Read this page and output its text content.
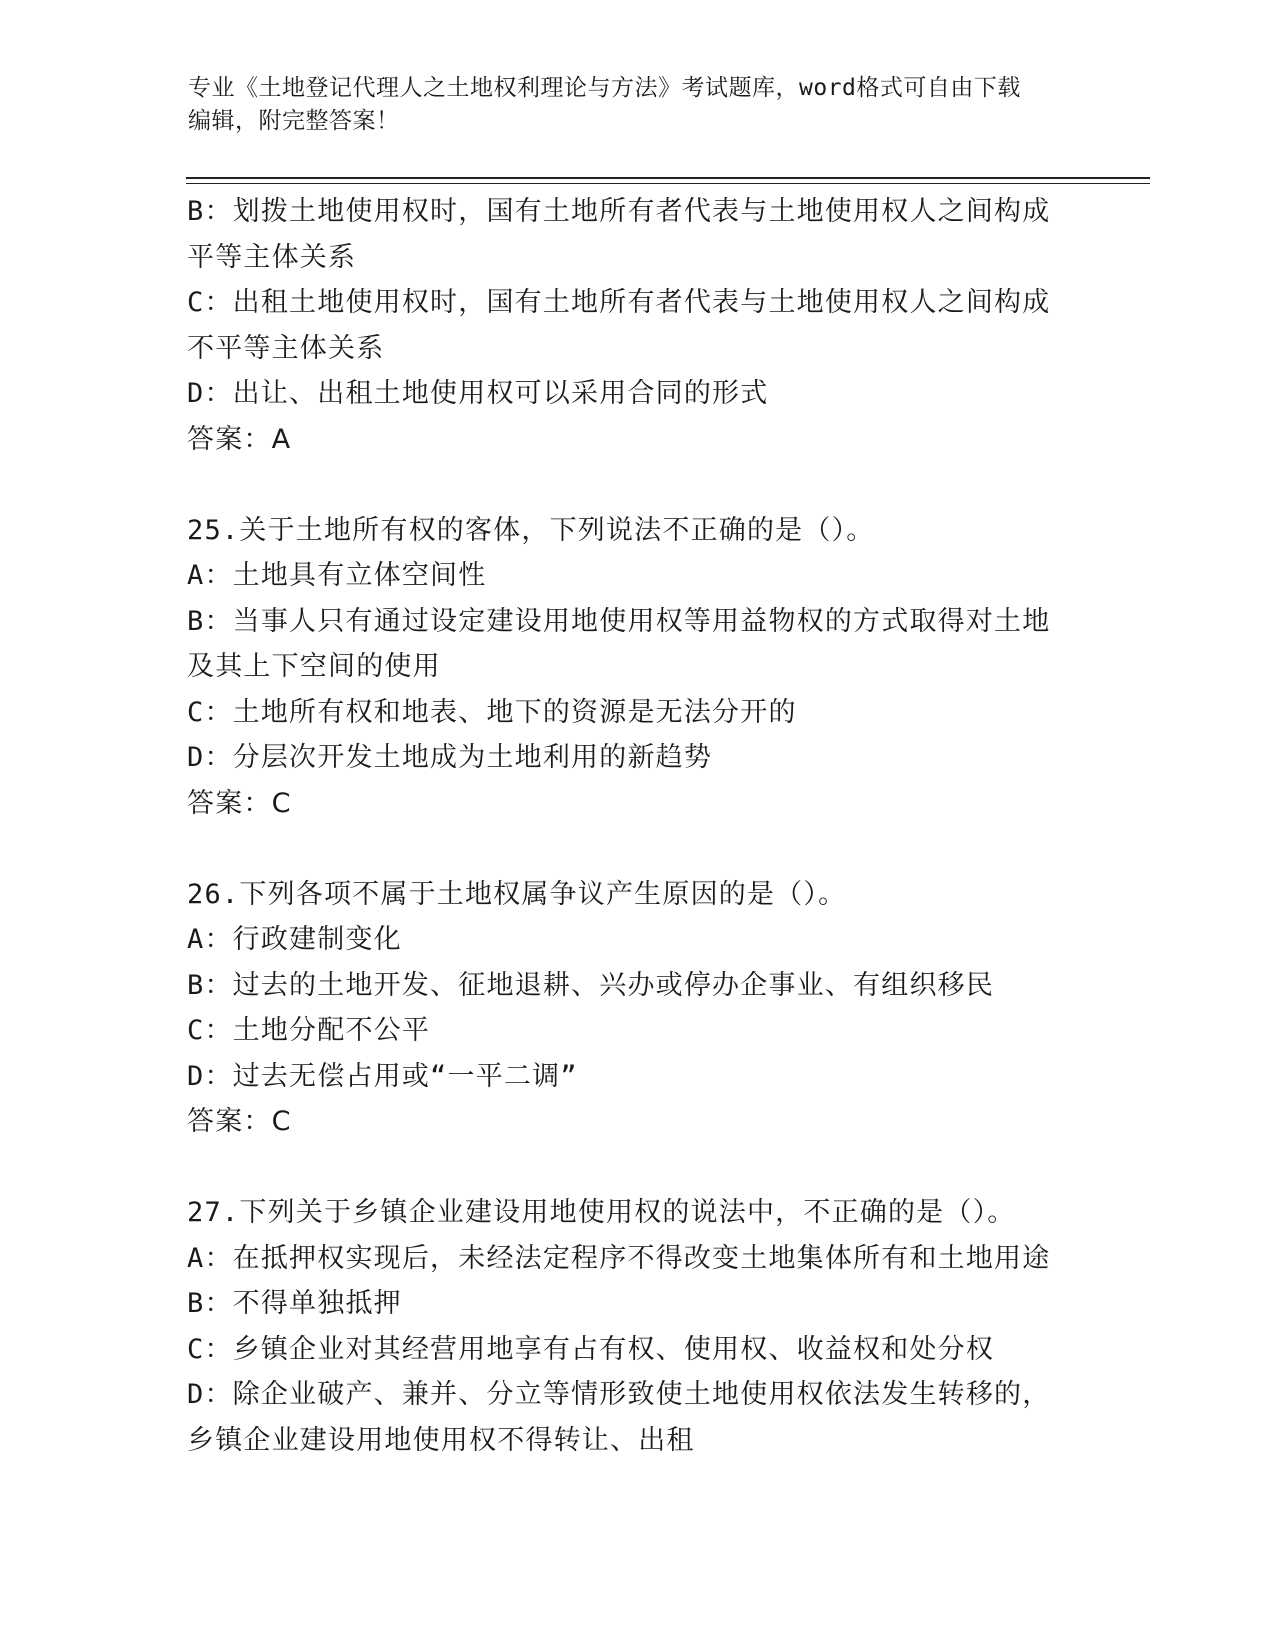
专业《土地登记代理人之土地权利理论与方法》考试题库，word格式可自由下载
编辑，附完整答案！
B：划拨土地使用权时，国有土地所有者代表与土地使用权人之间构成
平等主体关系
C：出租土地使用权时，国有土地所有者代表与土地使用权人之间构成
不平等主体关系
D：出让、出租土地使用权可以采用合同的形式
答案：A
25.关于土地所有权的客体，下列说法不正确的是（）。
A：土地具有立体空间性
B：当事人只有通过设定建设用地使用权等用益物权的方式取得对土地
及其上下空间的使用
C：土地所有权和地表、地下的资源是无法分开的
D：分层次开发土地成为土地利用的新趋势
答案：C
26.下列各项不属于土地权属争议产生原因的是（）。
A：行政建制变化
B：过去的土地开发、征地退耕、兴办或停办企事业、有组织移民
C：土地分配不公平
D：过去无偿占用或“一平二调”
答案：C
27.下列关于乡镇企业建设用地使用权的说法中，不正确的是（）。
A：在抵押权实现后，未经法定程序不得改变土地集体所有和土地用途
B：不得单独抵押
C：乡镇企业对其经营用地享有占有权、使用权、收益权和处分权
D：除企业破产、兼并、分立等情形致使土地使用权依法发生转移的，
乡镇企业建设用地使用权不得转让、出租
